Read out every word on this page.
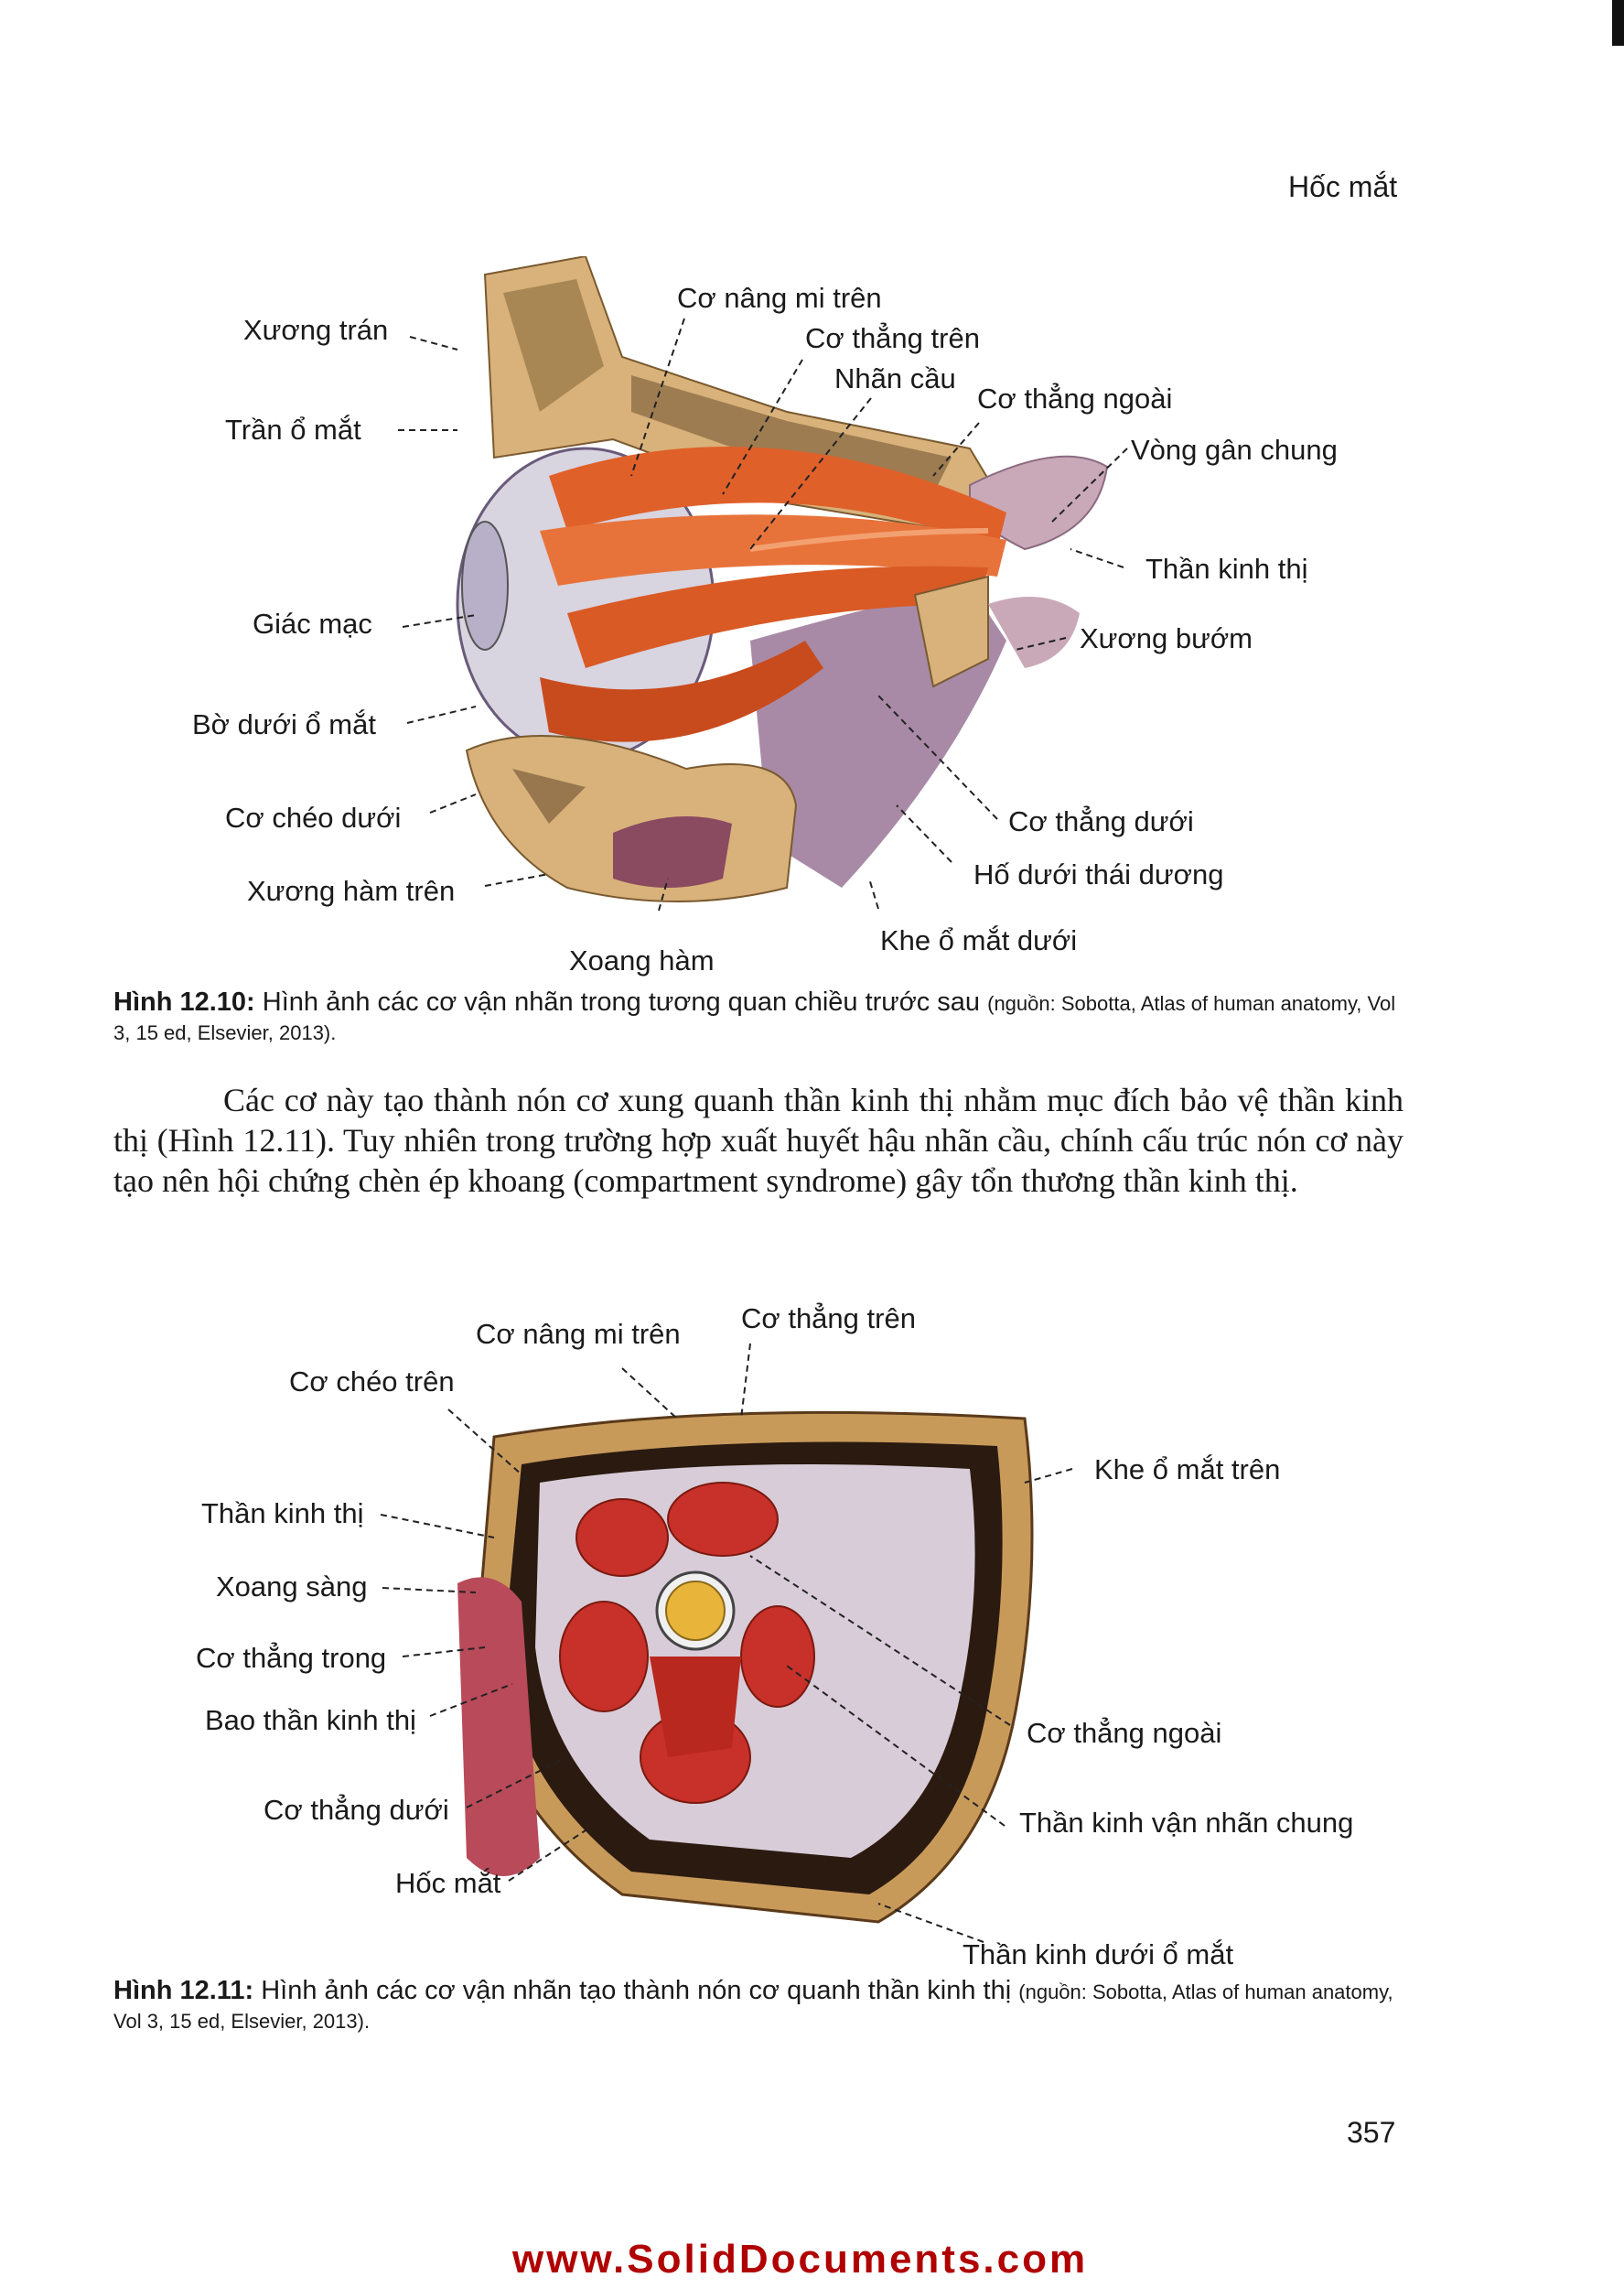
Hốc mắt
Xương trán
Trần ổ mắt
Giác mạc
Bờ dưới ổ mắt
Cơ chéo dưới
Xương hàm trên
Xoang hàm
Cơ nâng mi trên
Cơ thẳng trên
Nhãn cầu
Cơ thẳng ngoài
Vòng gân chung
Thần kinh thị
Xương bướm
Cơ thẳng dưới
Hố dưới thái dương
Khe ổ mắt dưới
Hình 12.10: Hình ảnh các cơ vận nhãn trong tương quan chiều trước sau (nguồn: Sobotta, Atlas of human anatomy, Vol 3, 15 ed, Elsevier, 2013).
Các cơ này tạo thành nón cơ xung quanh thần kinh thị nhằm mục đích bảo vệ thần kinh thị (Hình 12.11). Tuy nhiên trong trường hợp xuất huyết hậu nhãn cầu, chính cấu trúc nón cơ này tạo nên hội chứng chèn ép khoang (compartment syndrome) gây tổn thương thần kinh thị.
Cơ nâng mi trên Cơ thẳng trên
Cơ chéo trên
Khe ổ mắt trên
Thần kinh thị
Xoang sàng
Cơ thẳng trong
Bao thần kinh thị	Cơ thẳng ngoài
Cơ thẳng dưới	Thần kinh vận nhãn chung
Hốc mắt
Thần kinh dưới ổ mắt
Hình 12.11: Hình ảnh các cơ vận nhãn tạo thành nón cơ quanh thần kinh thị (nguồn: Sobotta, Atlas of human anatomy, Vol 3, 15 ed, Elsevier, 2013).
357
www.SolidDocuments.com
